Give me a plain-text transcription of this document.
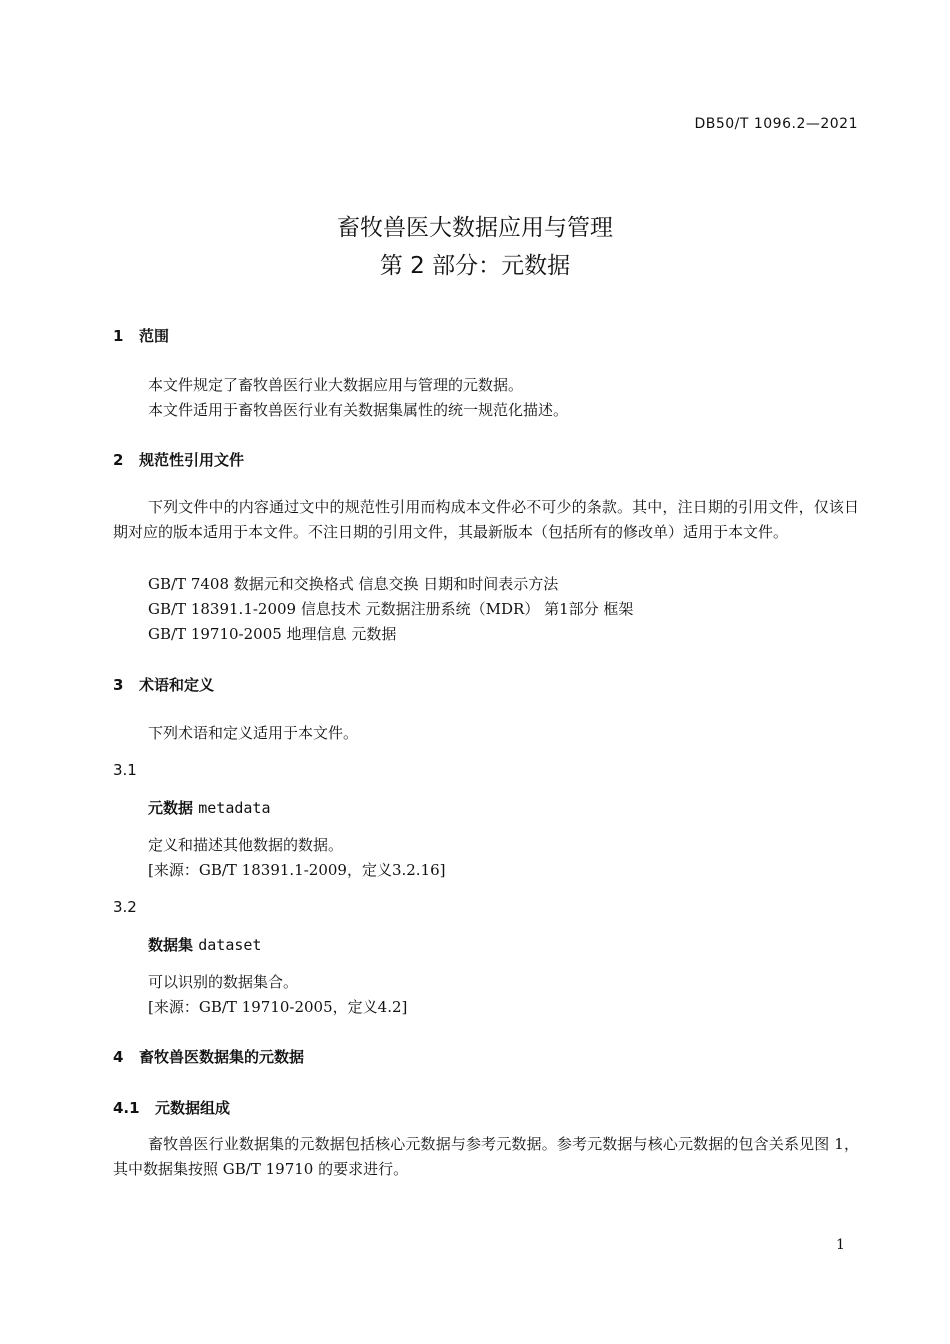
DB50/T 1096.2—2021
畜牧兽医大数据应用与管理
第 2 部分：元数据
1 范围
本文件规定了畜牧兽医行业大数据应用与管理的元数据。
本文件适用于畜牧兽医行业有关数据集属性的统一规范化描述。
2 规范性引用文件
下列文件中的内容通过文中的规范性引用而构成本文件必不可少的条款。其中，注日期的引用文件，仅该日期对应的版本适用于本文件。不注日期的引用文件，其最新版本（包括所有的修改单）适用于本文件。
GB/T 7408 数据元和交换格式 信息交换 日期和时间表示方法
GB/T 18391.1-2009 信息技术 元数据注册系统（MDR） 第1部分 框架
GB/T 19710-2005 地理信息 元数据
3 术语和定义
下列术语和定义适用于本文件。
3.1
元数据 metadata
定义和描述其他数据的数据。
[来源：GB/T 18391.1-2009，定义3.2.16]
3.2
数据集 dataset
可以识别的数据集合。
[来源：GB/T 19710-2005，定义4.2]
4 畜牧兽医数据集的元数据
4.1 元数据组成
畜牧兽医行业数据集的元数据包括核心元数据与参考元数据。参考元数据与核心元数据的包含关系见图 1，其中数据集按照 GB/T 19710 的要求进行。
1
